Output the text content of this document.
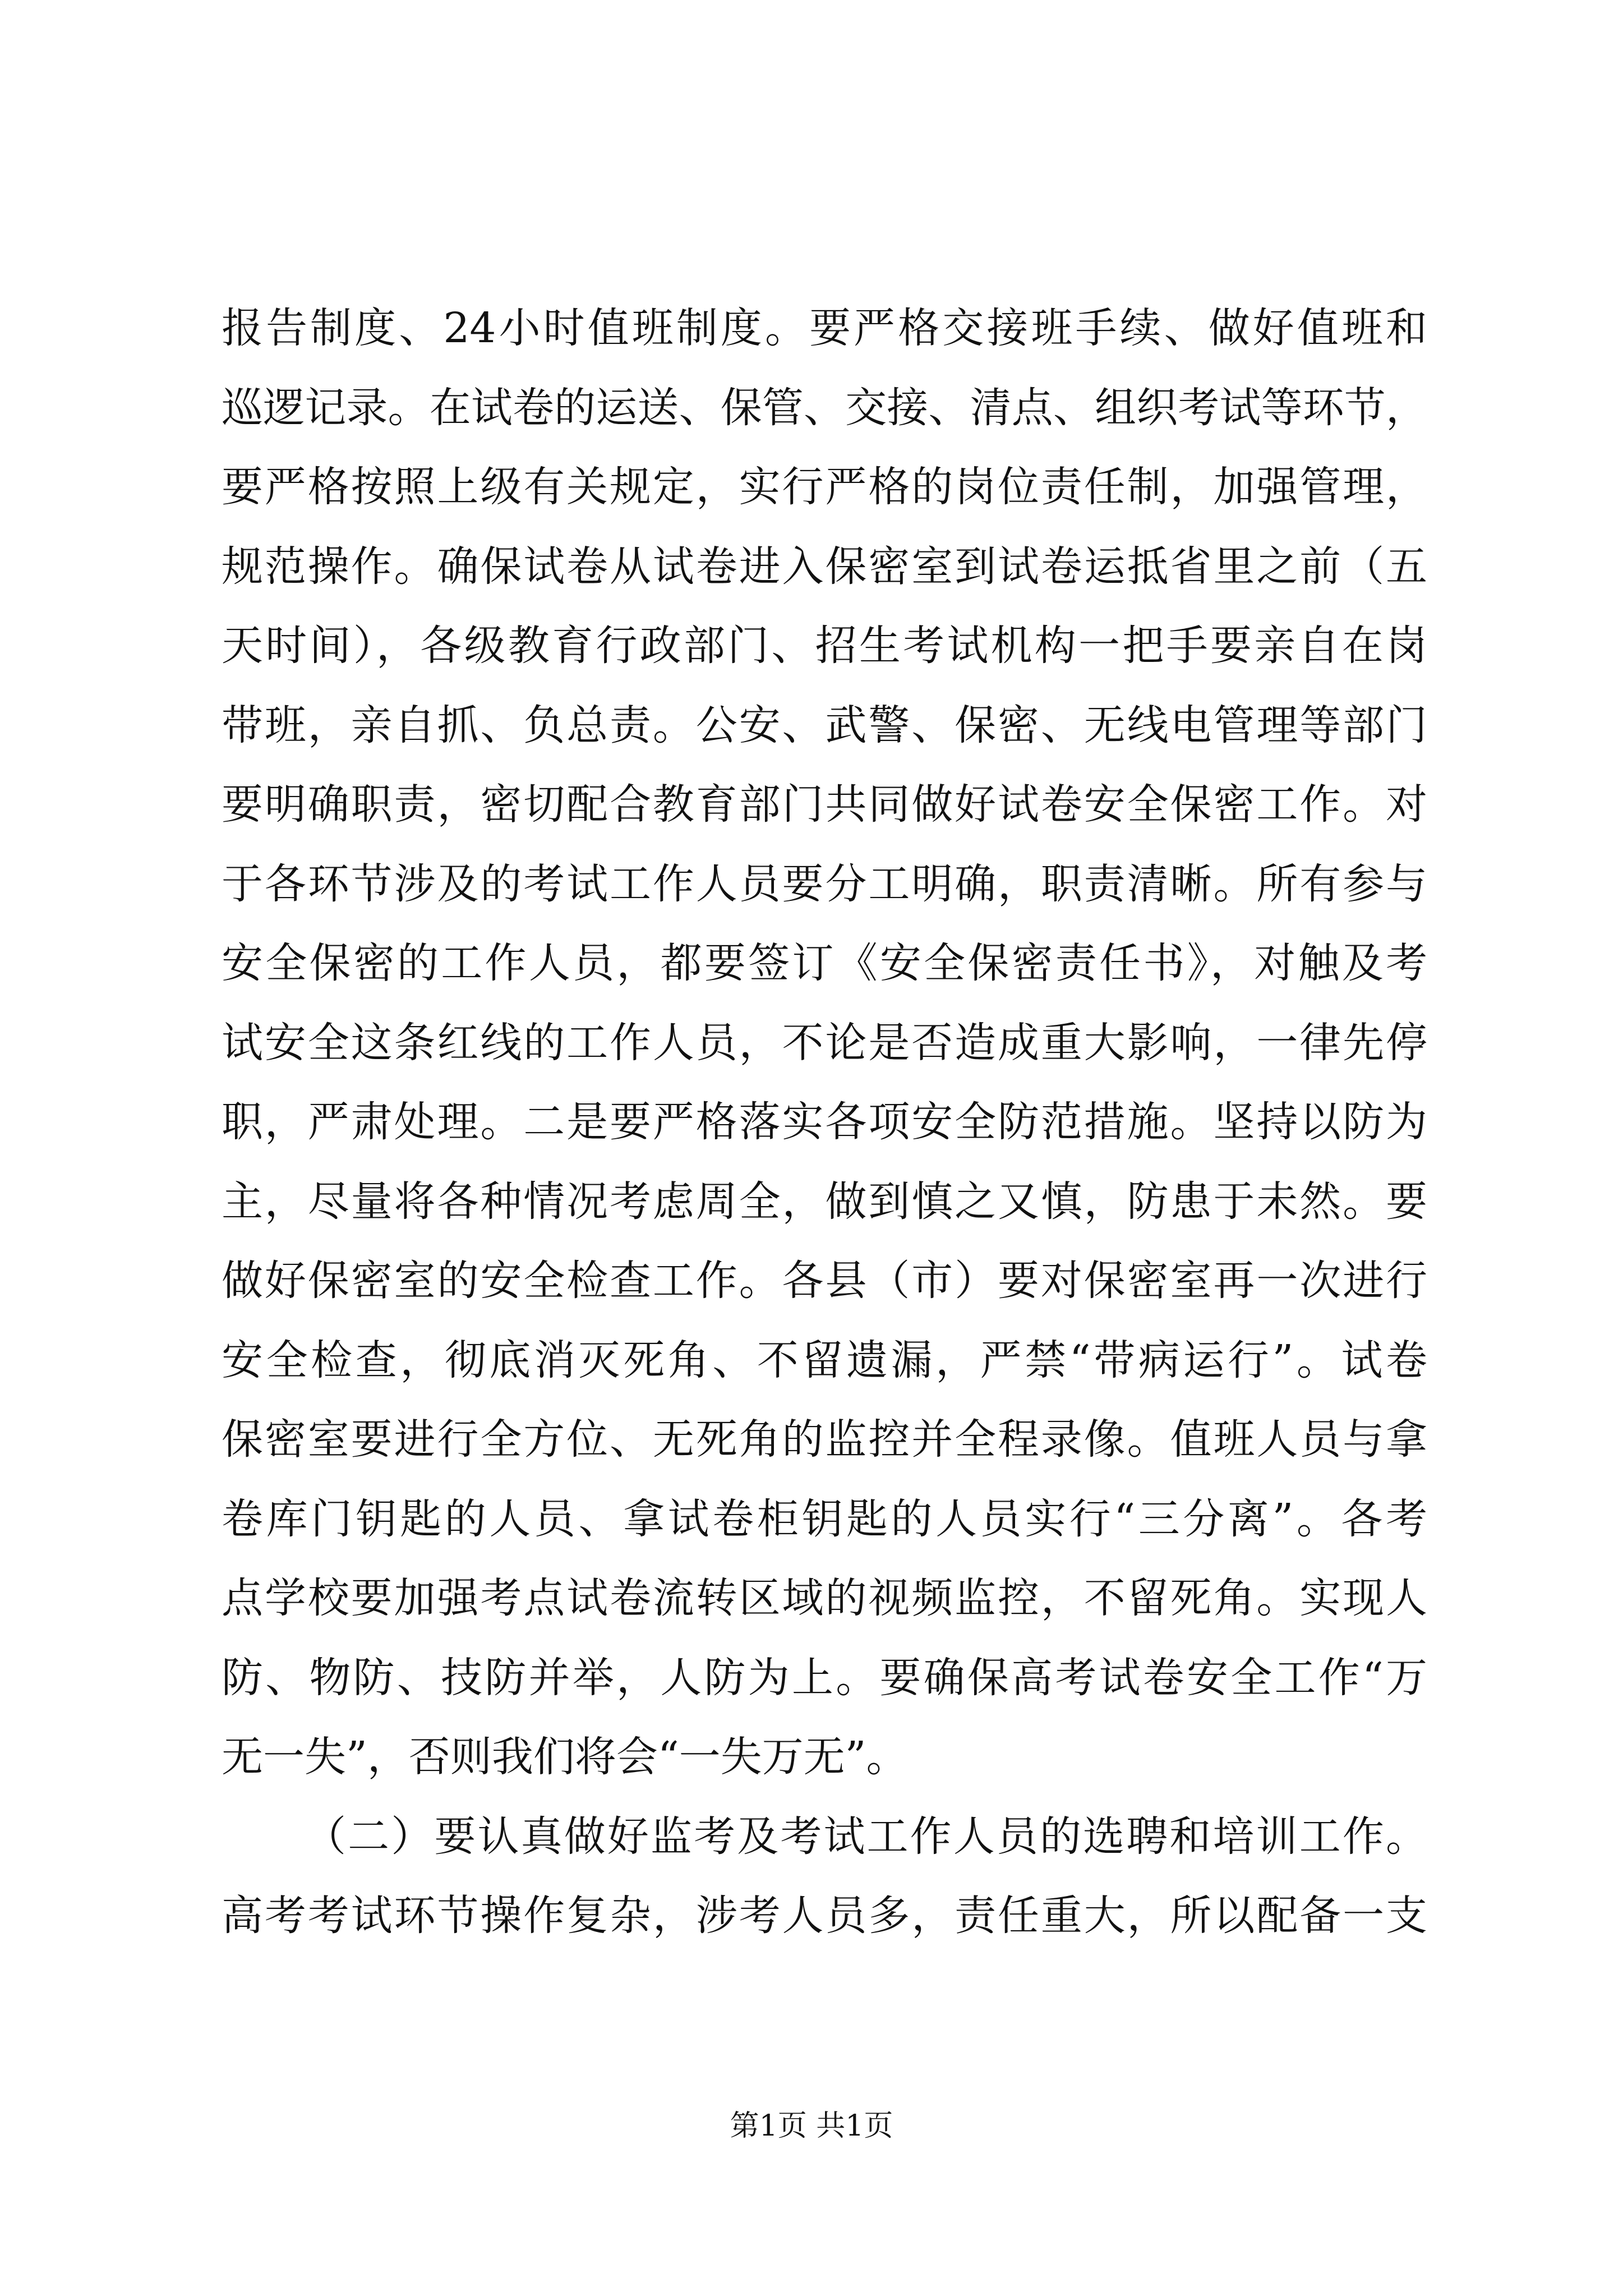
报告制度、24小时值班制度。要严格交接班手续、做好值班和
巡逻记录。在试卷的运送、保管、交接、清点、组织考试等环节，
要严格按照上级有关规定，实行严格的岗位责任制，加强管理，
规范操作。确保试卷从试卷进入保密室到试卷运抵省里之前（五
天时间），各级教育行政部门、招生考试机构一把手要亲自在岗
带班，亲自抓、负总责。公安、武警、保密、无线电管理等部门
要明确职责，密切配合教育部门共同做好试卷安全保密工作。对
于各环节涉及的考试工作人员要分工明确，职责清晰。所有参与
安全保密的工作人员，都要签订《安全保密责任书》，对触及考
试安全这条红线的工作人员，不论是否造成重大影响，一律先停
职，严肃处理。二是要严格落实各项安全防范措施。坚持以防为
主，尽量将各种情况考虑周全，做到慎之又慎，防患于未然。要
做好保密室的安全检查工作。各县（市）要对保密室再一次进行
安全检查，彻底消灭死角、不留遗漏，严禁“带病运行”。试卷
保密室要进行全方位、无死角的监控并全程录像。值班人员与拿
卷库门钥匙的人员、拿试卷柜钥匙的人员实行“三分离”。各考
点学校要加强考点试卷流转区域的视频监控，不留死角。实现人
防、物防、技防并举，人防为上。要确保高考试卷安全工作“万
无一失”，否则我们将会“一失万无”。
（二）要认真做好监考及考试工作人员的选聘和培训工作。
高考考试环节操作复杂，涉考人员多，责任重大，所以配备一支
第1页 共1页
